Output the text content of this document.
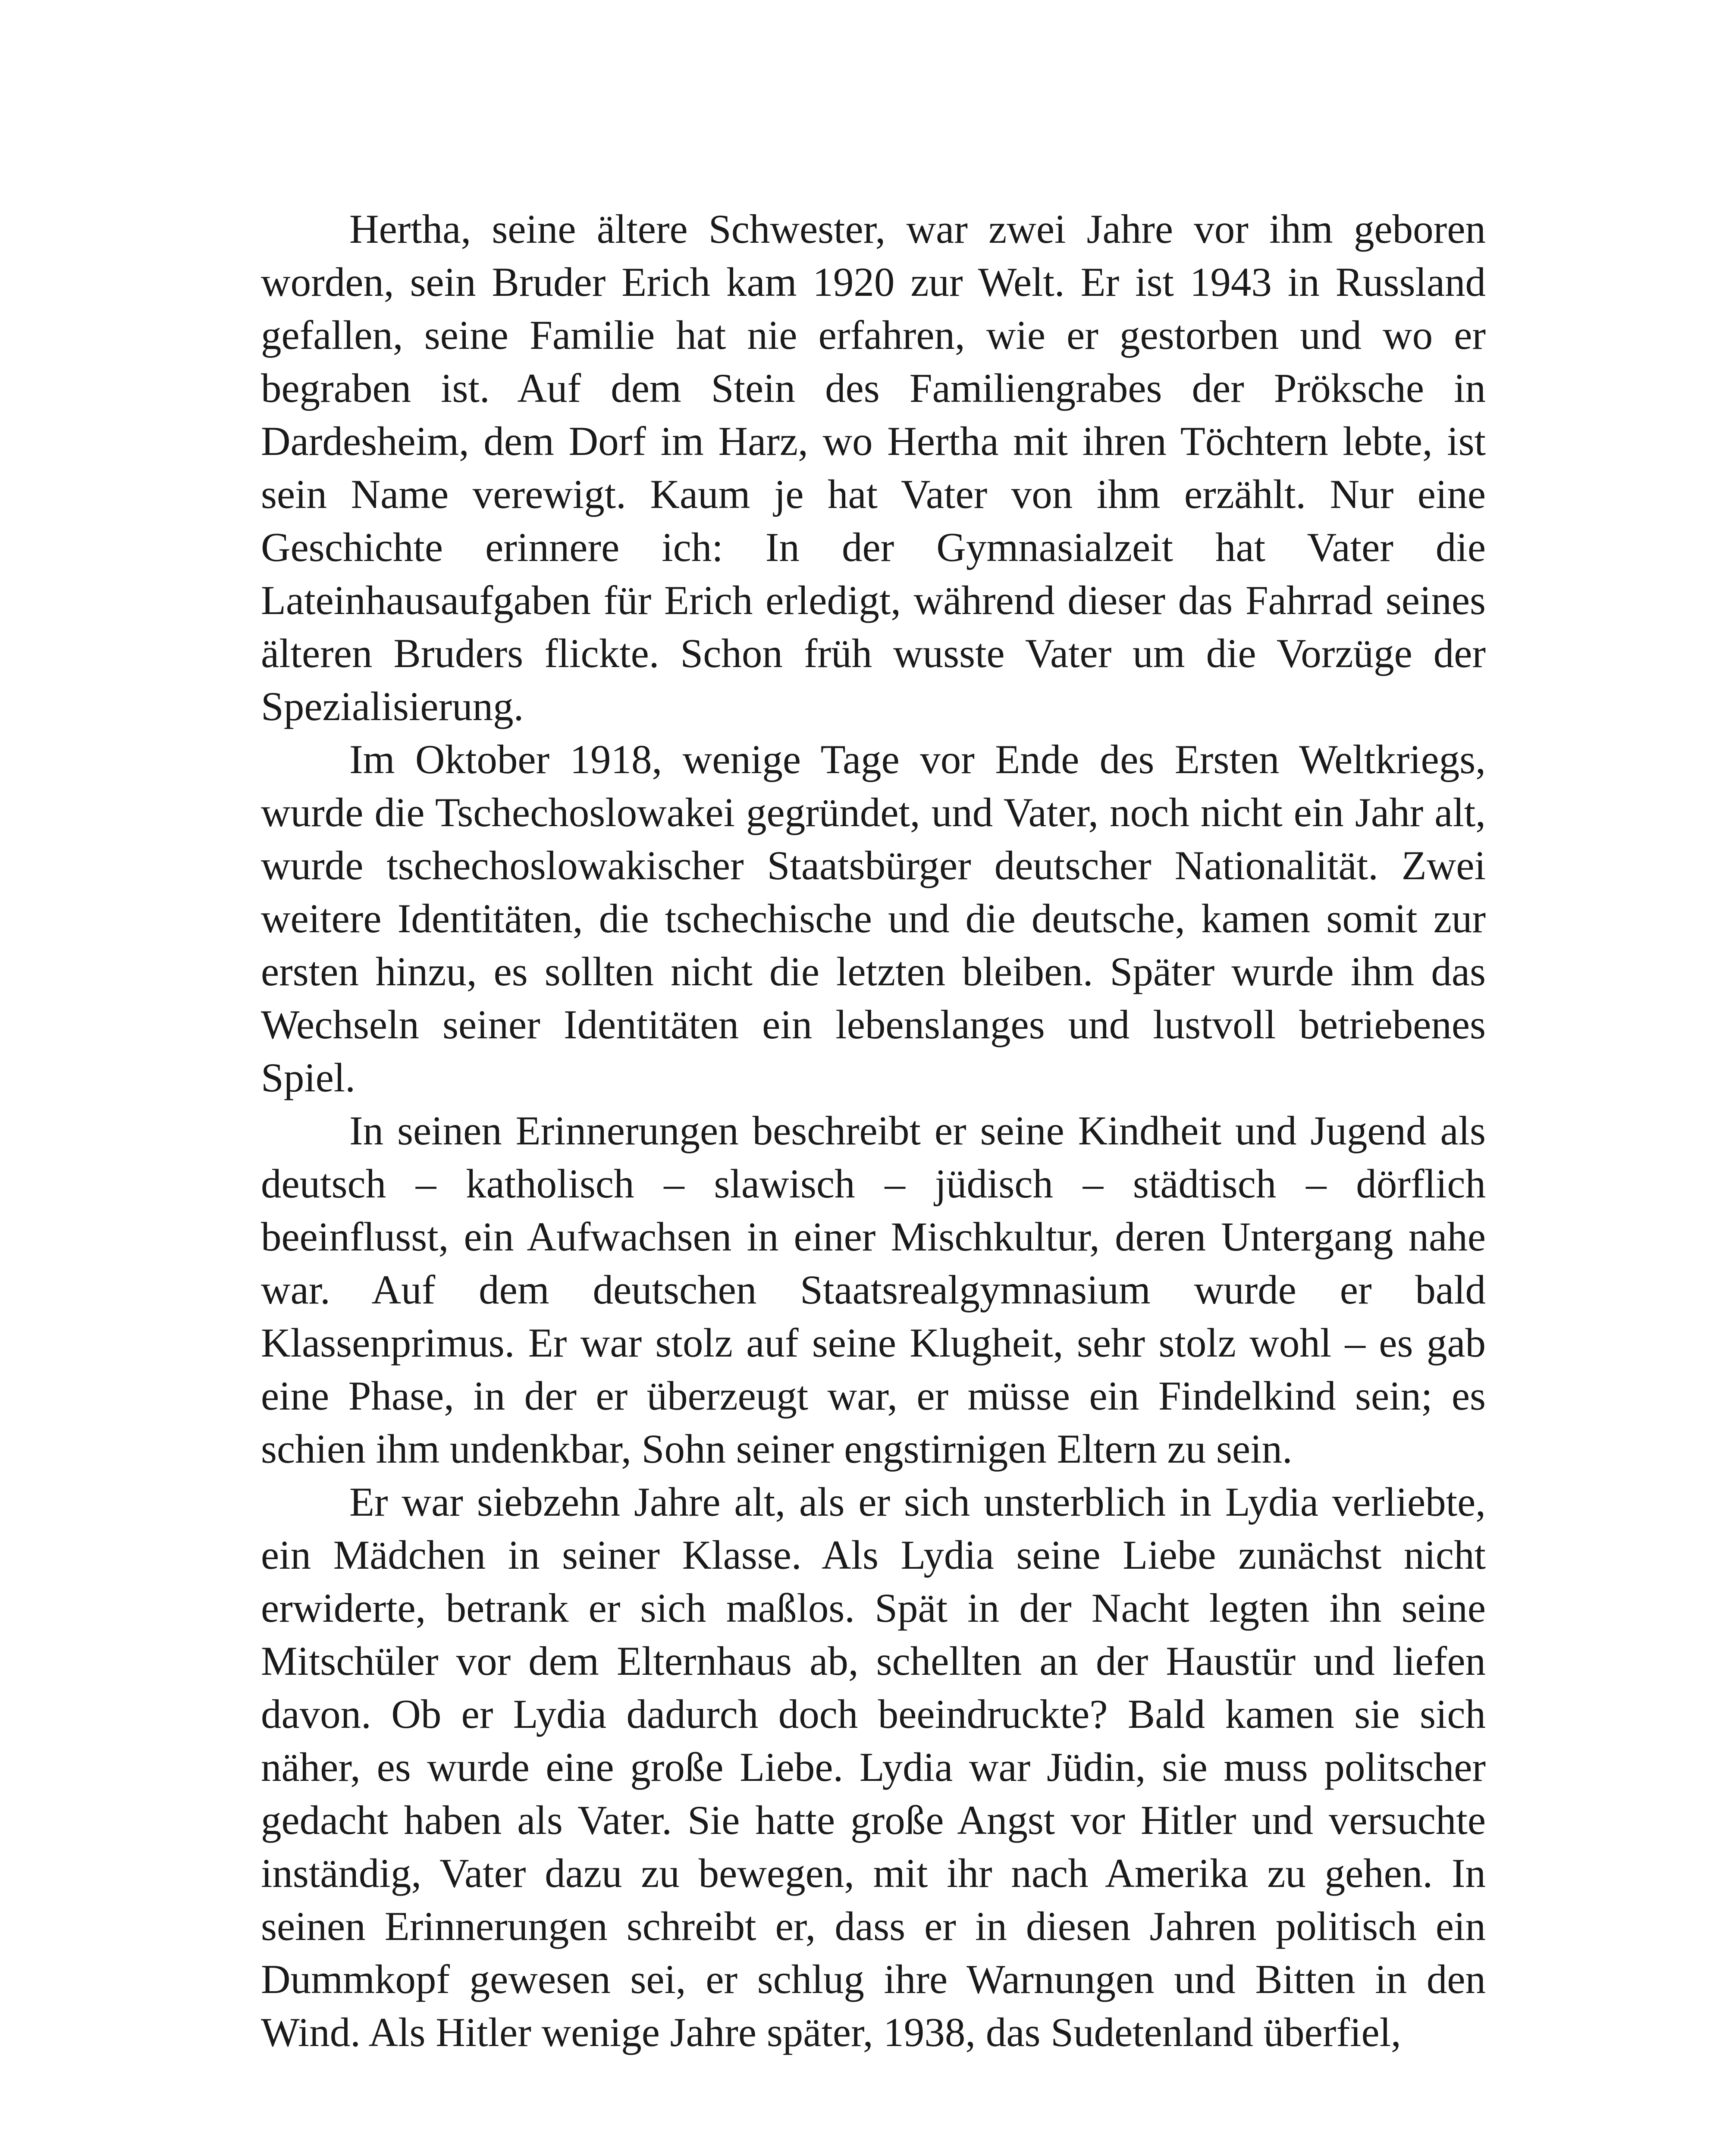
Hertha, seine ältere Schwester, war zwei Jahre vor ihm geboren worden, sein Bruder Erich kam 1920 zur Welt. Er ist 1943 in Russland gefallen, seine Familie hat nie erfahren, wie er gestorben und wo er begraben ist. Auf dem Stein des Familiengrabes der Pröksche in Dardesheim, dem Dorf im Harz, wo Hertha mit ihren Töchtern lebte, ist sein Name verewigt. Kaum je hat Vater von ihm erzählt. Nur eine Geschichte erinnere ich: In der Gymnasialzeit hat Vater die Lateinhausaufgaben für Erich erledigt, während dieser das Fahrrad seines älteren Bruders flickte. Schon früh wusste Vater um die Vorzüge der Spezialisierung.

Im Oktober 1918, wenige Tage vor Ende des Ersten Weltkriegs, wurde die Tschechoslowakei gegründet, und Vater, noch nicht ein Jahr alt, wurde tschechoslowakischer Staatsbürger deutscher Nationalität. Zwei weitere Identitäten, die tschechische und die deutsche, kamen somit zur ersten hinzu, es sollten nicht die letzten bleiben. Später wurde ihm das Wechseln seiner Identitäten ein lebenslanges und lustvoll betriebenes Spiel.

In seinen Erinnerungen beschreibt er seine Kindheit und Jugend als deutsch – katholisch – slawisch – jüdisch – städtisch – dörflich beeinflusst, ein Aufwachsen in einer Mischkultur, deren Untergang nahe war. Auf dem deutschen Staatsrealgymnasium wurde er bald Klassenprimus. Er war stolz auf seine Klugheit, sehr stolz wohl – es gab eine Phase, in der er überzeugt war, er müsse ein Findelkind sein; es schien ihm undenkbar, Sohn seiner engstirnigen Eltern zu sein.

Er war siebzehn Jahre alt, als er sich unsterblich in Lydia verliebte, ein Mädchen in seiner Klasse. Als Lydia seine Liebe zunächst nicht erwiderte, betrank er sich maßlos. Spät in der Nacht legten ihn seine Mitschüler vor dem Elternhaus ab, schellten an der Haustür und liefen davon. Ob er Lydia dadurch doch beeindruckte? Bald kamen sie sich näher, es wurde eine große Liebe. Lydia war Jüdin, sie muss politscher gedacht haben als Vater. Sie hatte große Angst vor Hitler und versuchte inständig, Vater dazu zu bewegen, mit ihr nach Amerika zu gehen. In seinen Erinnerungen schreibt er, dass er in diesen Jahren politisch ein Dummkopf gewesen sei, er schlug ihre Warnungen und Bitten in den Wind. Als Hitler wenige Jahre später, 1938, das Sudetenland überfiel,
